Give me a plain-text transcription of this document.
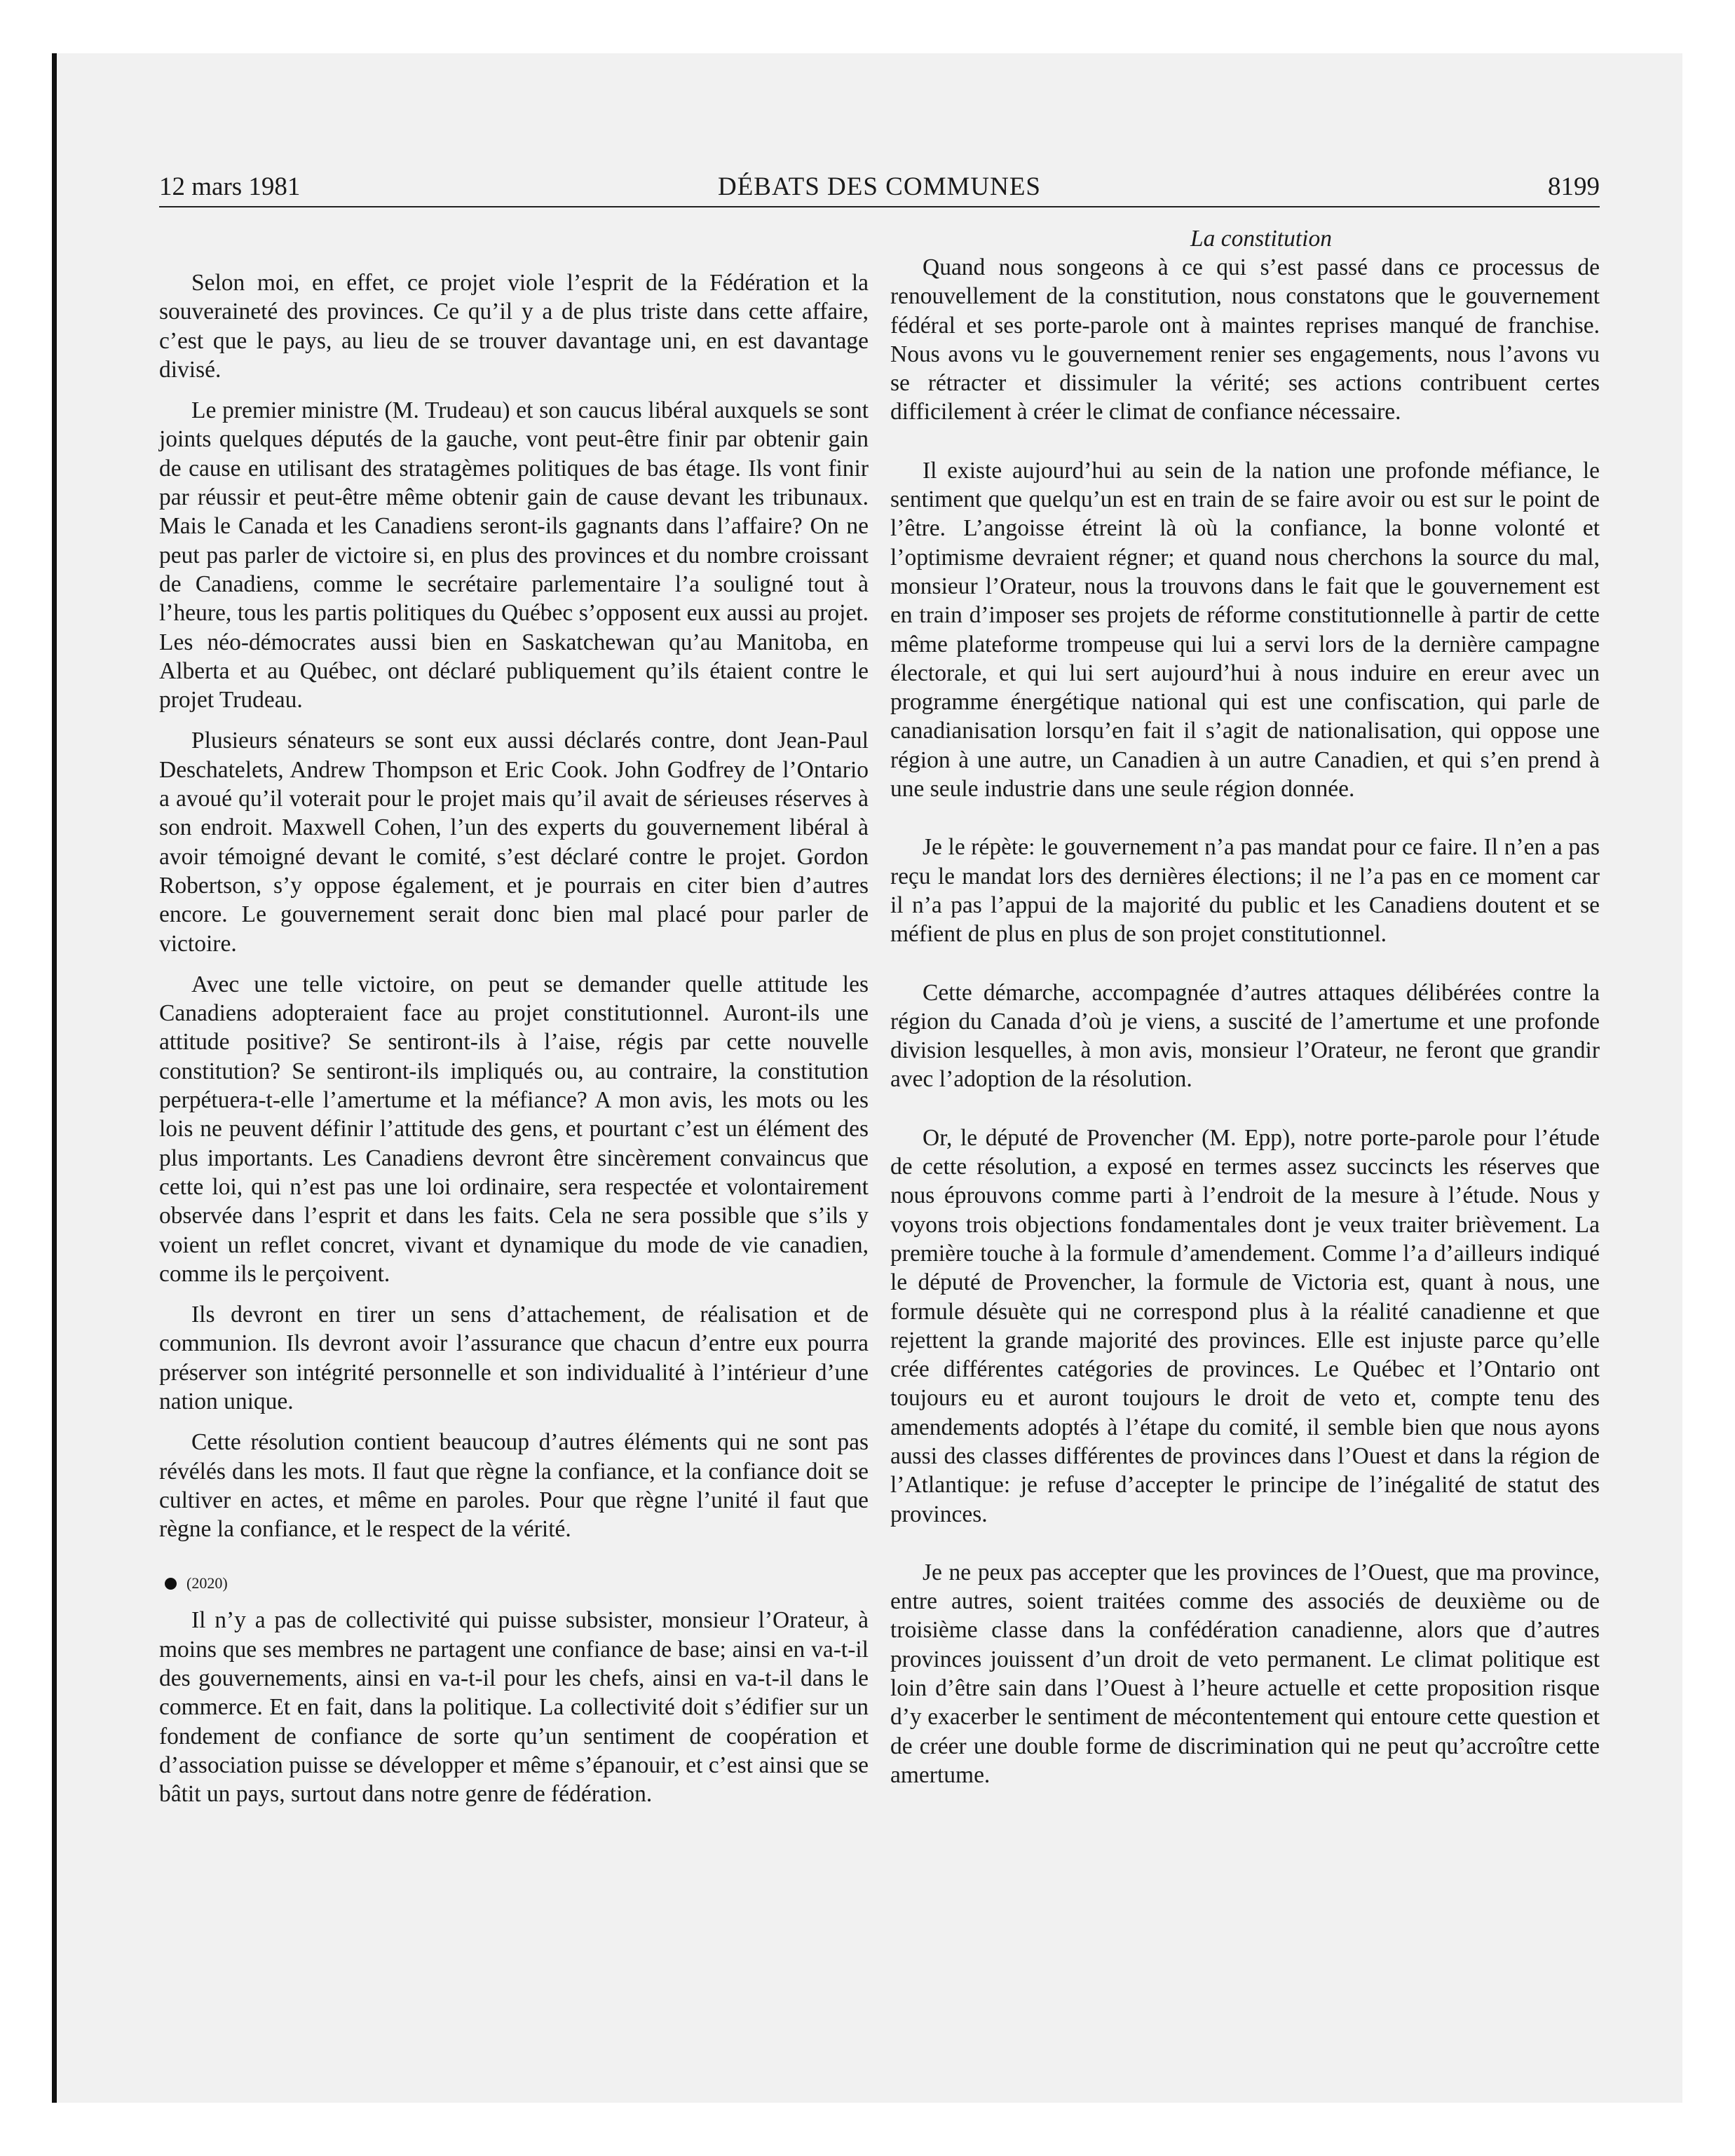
DÉBATS DES COMMUNES
12 mars 1981	8199

Selon moi, en effet, ce projet viole l’esprit de la Fédération et la souveraineté des provinces. Ce qu’il y a de plus triste dans cette affaire, c’est que le pays, au lieu de se trouver davantage uni, en est davantage divisé.

Le premier ministre (M. Trudeau) et son caucus libéral auxquels se sont joints quelques députés de la gauche, vont peut-être finir par obtenir gain de cause en utilisant des stratagèmes politiques de bas étage. Ils vont finir par réussir et peut-être même obtenir gain de cause devant les tribunaux. Mais le Canada et les Canadiens seront-ils gagnants dans l’affaire? On ne peut pas parler de victoire si, en plus des provinces et du nombre croissant de Canadiens, comme le secrétaire parlementaire l’a souligné tout à l’heure, tous les partis politiques du Québec s’opposent eux aussi au projet. Les néo-démocrates aussi bien en Saskatchewan qu’au Manitoba, en Alberta et au Québec, ont déclaré publiquement qu’ils étaient contre le projet Trudeau.

Plusieurs sénateurs se sont eux aussi déclarés contre, dont Jean-Paul Deschatelets, Andrew Thompson et Eric Cook. John Godfrey de l’Ontario a avoué qu’il voterait pour le projet mais qu’il avait de sérieuses réserves à son endroit. Maxwell Cohen, l’un des experts du gouvernement libéral à avoir témoigné devant le comité, s’est déclaré contre le projet. Gordon Robertson, s’y oppose également, et je pourrais en citer bien d’autres encore. Le gouvernement serait donc bien mal placé pour parler de victoire.

Avec une telle victoire, on peut se demander quelle attitude les Canadiens adopteraient face au projet constitutionnel. Auront-ils une attitude positive? Se sentiront-ils à l’aise, régis par cette nouvelle constitution? Se sentiront-ils impliqués ou, au contraire, la constitution perpétuera-t-elle l’amertume et la méfiance? A mon avis, les mots ou les lois ne peuvent définir l’attitude des gens, et pourtant c’est un élément des plus importants. Les Canadiens devront être sincèrement convaincus que cette loi, qui n’est pas une loi ordinaire, sera respectée et volontairement observée dans l’esprit et dans les faits. Cela ne sera possible que s’ils y voient un reflet concret, vivant et dynamique du mode de vie canadien, comme ils le perçoivent.

Ils devront en tirer un sens d’attachement, de réalisation et de communion. Ils devront avoir l’assurance que chacun d’entre eux pourra préserver son intégrité personnelle et son individualité à l’intérieur d’une nation unique.

Cette résolution contient beaucoup d’autres éléments qui ne sont pas révélés dans les mots. Il faut que règne la confiance, et la confiance doit se cultiver en actes, et même en paroles. Pour que règne l’unité il faut que règne la confiance, et le respect de la vérité.

(2020)

Il n’y a pas de collectivité qui puisse subsister, monsieur l’Orateur, à moins que ses membres ne partagent une confiance de base; ainsi en va-t-il des gouvernements, ainsi en va-t-il pour les chefs, ainsi en va-t-il dans le commerce. Et en fait, dans la politique. La collectivité doit s’édifier sur un fondement de confiance de sorte qu’un sentiment de coopération et d’association puisse se développer et même s’épanouir, et c’est ainsi que se bâtit un pays, surtout dans notre genre de fédération.

La constitution

Quand nous songeons à ce qui s’est passé dans ce processus de renouvellement de la constitution, nous constatons que le gouvernement fédéral et ses porte-parole ont à maintes reprises manqué de franchise. Nous avons vu le gouvernement renier ses engagements, nous l’avons vu se rétracter et dissimuler la vérité; ses actions contribuent certes difficilement à créer le climat de confiance nécessaire.

Il existe aujourd’hui au sein de la nation une profonde méfiance, le sentiment que quelqu’un est en train de se faire avoir ou est sur le point de l’être. L’angoisse étreint là où la confiance, la bonne volonté et l’optimisme devraient régner; et quand nous cherchons la source du mal, monsieur l’Orateur, nous la trouvons dans le fait que le gouvernement est en train d’imposer ses projets de réforme constitutionnelle à partir de cette même plateforme trompeuse qui lui a servi lors de la dernière campagne électorale, et qui lui sert aujourd’hui à nous induire en ereur avec un programme énergétique national qui est une confiscation, qui parle de canadianisation lorsqu’en fait il s’agit de nationalisation, qui oppose une région à une autre, un Canadien à un autre Canadien, et qui s’en prend à une seule industrie dans une seule région donnée.

Je le répète: le gouvernement n’a pas mandat pour ce faire. Il n’en a pas reçu le mandat lors des dernières élections; il ne l’a pas en ce moment car il n’a pas l’appui de la majorité du public et les Canadiens doutent et se méfient de plus en plus de son projet constitutionnel.

Cette démarche, accompagnée d’autres attaques délibérées contre la région du Canada d’où je viens, a suscité de l’amertume et une profonde division lesquelles, à mon avis, monsieur l’Orateur, ne feront que grandir avec l’adoption de la résolution.

Or, le député de Provencher (M. Epp), notre porte-parole pour l’étude de cette résolution, a exposé en termes assez succincts les réserves que nous éprouvons comme parti à l’endroit de la mesure à l’étude. Nous y voyons trois objections fondamentales dont je veux traiter brièvement. La première touche à la formule d’amendement. Comme l’a d’ailleurs indiqué le député de Provencher, la formule de Victoria est, quant à nous, une formule désuète qui ne correspond plus à la réalité canadienne et que rejettent la grande majorité des provinces. Elle est injuste parce qu’elle crée différentes catégories de provinces. Le Québec et l’Ontario ont toujours eu et auront toujours le droit de veto et, compte tenu des amendements adoptés à l’étape du comité, il semble bien que nous ayons aussi des classes différentes de provinces dans l’Ouest et dans la région de l’Atlantique: je refuse d’accepter le principe de l’inégalité de statut des provinces.

Je ne peux pas accepter que les provinces de l’Ouest, que ma province, entre autres, soient traitées comme des associés de deuxième ou de troisième classe dans la confédération canadienne, alors que d’autres provinces jouissent d’un droit de veto permanent. Le climat politique est loin d’être sain dans l’Ouest à l’heure actuelle et cette proposition risque d’y exacerber le sentiment de mécontentement qui entoure cette question et de créer une double forme de discrimination qui ne peut qu’accroître cette amertume.
